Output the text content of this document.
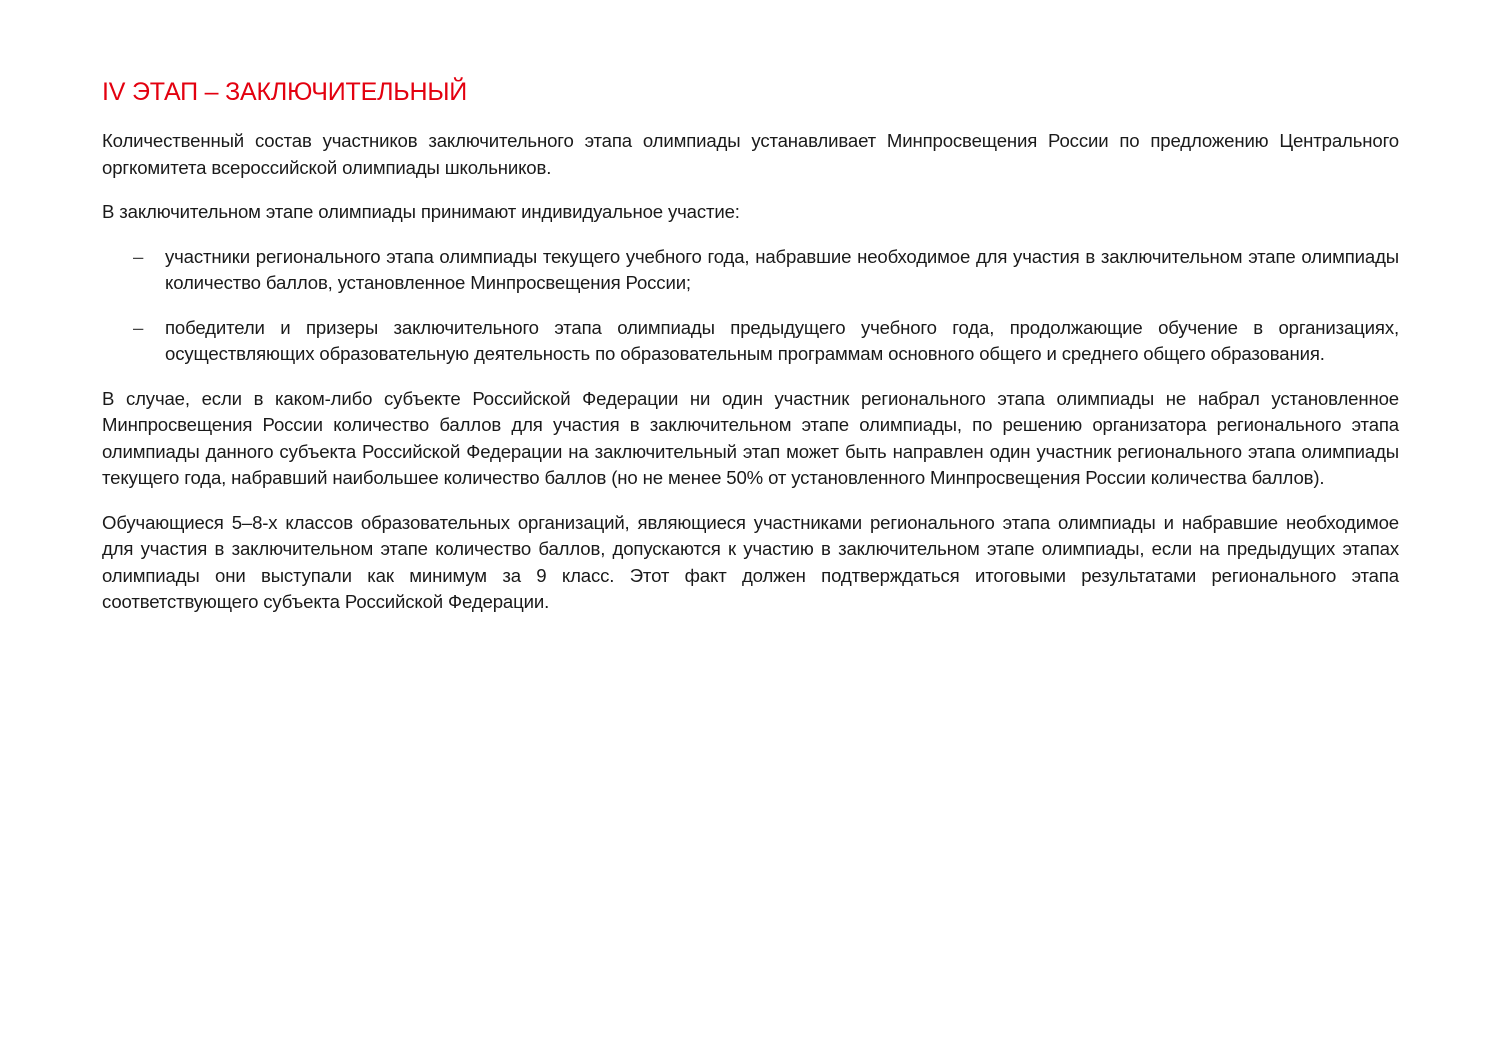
IV ЭТАП – ЗАКЛЮЧИТЕЛЬНЫЙ

Количественный состав участников заключительного этапа олимпиады устанавливает Минпросвещения России по предложению Центрального оргкомитета всероссийской олимпиады школьников.

В заключительном этапе олимпиады принимают индивидуальное участие:

– участники регионального этапа олимпиады текущего учебного года, набравшие необходимое для участия в заключительном этапе олимпиады количество баллов, установленное Минпросвещения России;
– победители и призеры заключительного этапа олимпиады предыдущего учебного года, продолжающие обучение в организациях, осуществляющих образовательную деятельность по образовательным программам основного общего и среднего общего образования.

В случае, если в каком-либо субъекте Российской Федерации ни один участник регионального этапа олимпиады не набрал установленное Минпросвещения России количество баллов для участия в заключительном этапе олимпиады, по решению организатора регионального этапа олимпиады данного субъекта Российской Федерации на заключительный этап может быть направлен один участник регионального этапа олимпиады текущего года, набравший наибольшее количество баллов (но не менее 50% от установленного Минпросвещения России количества баллов).

Обучающиеся 5–8-х классов образовательных организаций, являющиеся участниками регионального этапа олимпиады и набравшие необходимое для участия в заключительном этапе количество баллов, допускаются к участию в заключительном этапе олимпиады, если на предыдущих этапах олимпиады они выступали как минимум за 9 класс. Этот факт должен подтверждаться итоговыми результатами регионального этапа соответствующего субъекта Российской Федерации.
